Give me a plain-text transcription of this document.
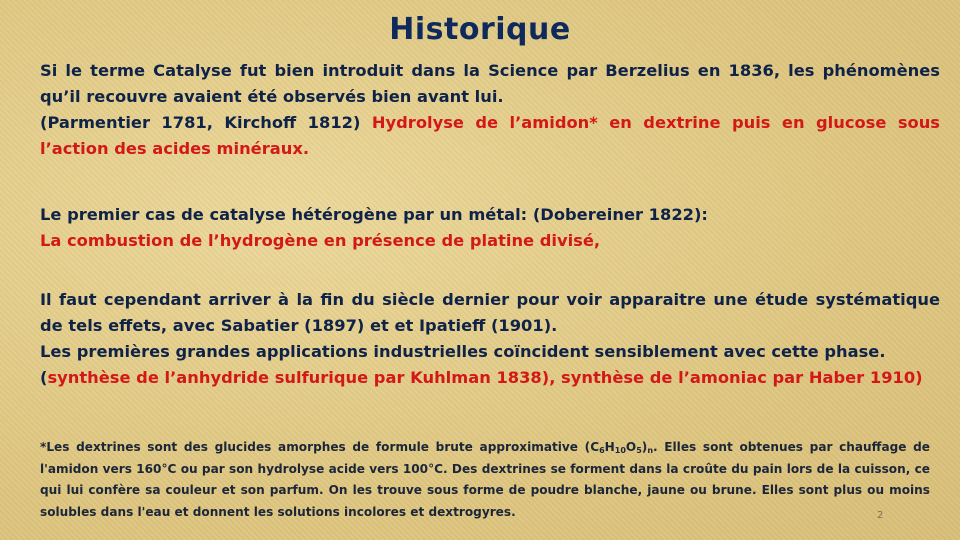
Historique
Si le terme Catalyse fut bien introduit dans la Science par Berzelius en 1836, les phénomènes qu’il recouvre avaient été observés bien avant lui.
(Parmentier 1781, Kirchoff 1812) Hydrolyse de l’amidon* en dextrine puis en glucose sous l’action des acides minéraux.
Le premier cas de catalyse hétérogène par un métal: (Dobereiner 1822):
La combustion de l’hydrogène en présence de platine divisé,
Il faut cependant arriver à la fin du siècle dernier pour voir apparaitre une étude systématique de tels effets, avec Sabatier (1897) et et Ipatieff (1901).
Les premières grandes applications industrielles coïncident sensiblement avec cette phase.
(synthèse de l’anhydride sulfurique par Kuhlman 1838), synthèse de l’amoniac par Haber 1910)
*Les dextrines sont des glucides amorphes de formule brute approximative $(C_6H_{10}O_5)_n$. Elles sont obtenues par chauffage de l'amidon vers 160°C ou par son hydrolyse acide vers 100°C. Des dextrines se forment dans la croûte du pain lors de la cuisson, ce qui lui confère sa couleur et son parfum. On les trouve sous forme de poudre blanche, jaune ou brune. Elles sont plus ou moins solubles dans l'eau et donnent les solutions incolores et dextrogyres.	2
